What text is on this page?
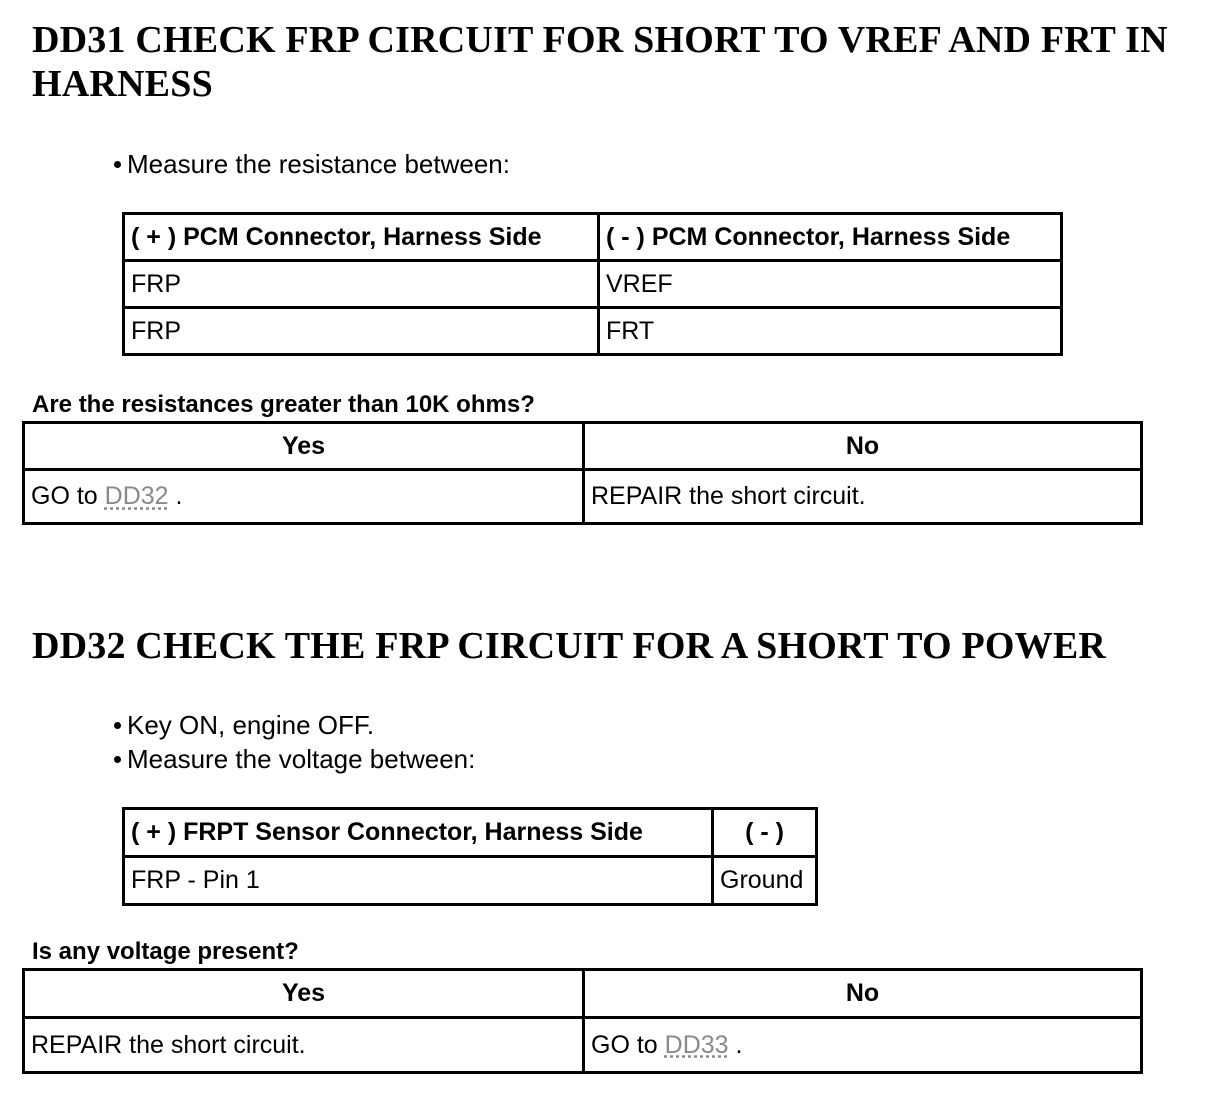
DD31 CHECK FRP CIRCUIT FOR SHORT TO VREF AND FRT IN
HARNESS
Measure the resistance between:
( + ) PCM Connector, Harness Side	( - ) PCM Connector, Harness Side
FRP	VREF
FRP	FRT
Are the resistances greater than 10K ohms?
Yes	No
GO to DD32 .	REPAIR the short circuit.
DD32 CHECK THE FRP CIRCUIT FOR A SHORT TO POWER
Key ON, engine OFF.
Measure the voltage between:
( + ) FRPT Sensor Connector, Harness Side	( - )
FRP - Pin 1	Ground
Is any voltage present?
Yes	No
REPAIR the short circuit.	GO to DD33 .
